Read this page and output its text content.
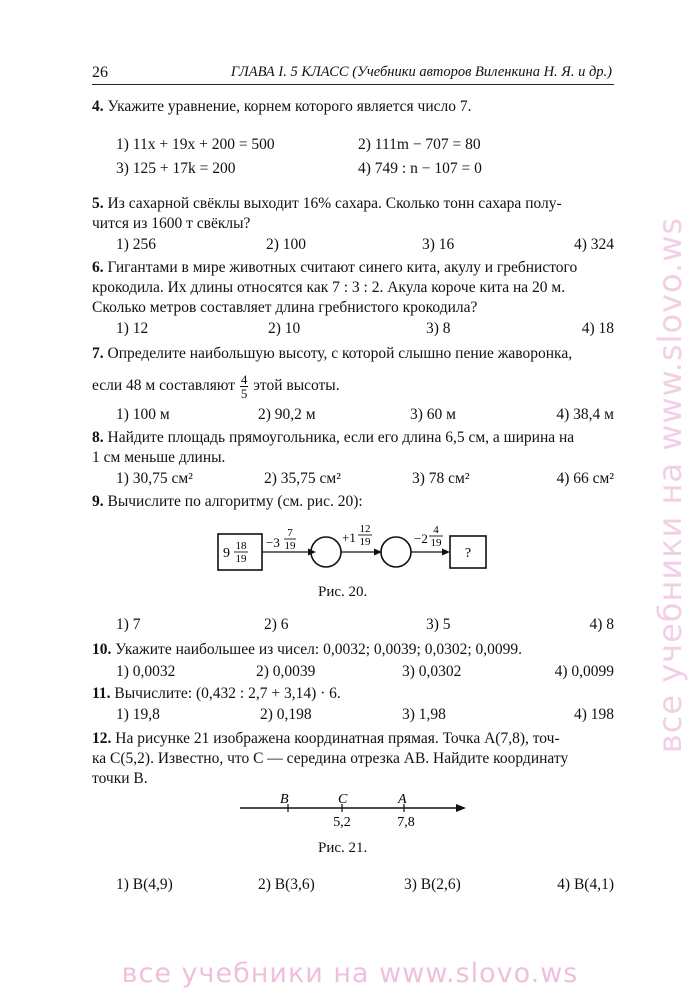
26	ГЛАВА I. 5 КЛАСС (Учебники авторов Виленкина Н. Я. и др.)
4. Укажите уравнение, корнем которого является число 7.
1) 11x + 19x + 200 = 500	2) 111m − 707 = 80
3) 125 + 17k = 200	4) 749 : n − 107 = 0
5. Из сахарной свёклы выходит 16% сахара. Сколько тонн сахара полу-
чится из 1600 т свёклы?
1) 256	2) 100	3) 16	4) 324
6. Гигантами в мире животных считают синего кита, акулу и гребнистого
крокодила. Их длины относятся как 7 : 3 : 2. Акула короче кита на 20 м.
Сколько метров составляет длина гребнистого крокодила?
1) 12	2) 10	3) 8	4) 18
7. Определите наибольшую высоту, с которой слышно пение жаворонка,
если 48 м составляют $\frac{4}{5}$ этой высоты.
1) 100 м	2) 90,2 м	3) 60 м	4) 38,4 м
8. Найдите площадь прямоугольника, если его длина 6,5 см, а ширина на
1 см меньше длины.
1) 30,75 см²	2) 35,75 см²	3) 78 см²	4) 66 см²
9. Вычислите по алгоритму (см. рис. 20):
9 18
19
−3
7
19
+1
12
19	−2
4
19
?
Рис. 20.
1) 7	2) 6	3) 5	4) 8
10. Укажите наибольшее из чисел: 0,0032; 0,0039; 0,0302; 0,0099.
1) 0,0032	2) 0,0039	3) 0,0302	4) 0,0099
11. Вычислите: (0,432 : 2,7 + 3,14) · 6.
1) 19,8	2) 0,198	3) 1,98	4) 198
12. На рисунке 21 изображена координатная прямая. Точка A(7,8), точ-
ка C(5,2). Известно, что C — середина отрезка AB. Найдите координату
точки B.
B	C	A
5,2	7,8
Рис. 21.
1) B(4,9)	2) B(3,6)	3) B(2,6)	4) B(4,1)
все учебники на www.slovo.ws
все учебники на www.slovo.ws
